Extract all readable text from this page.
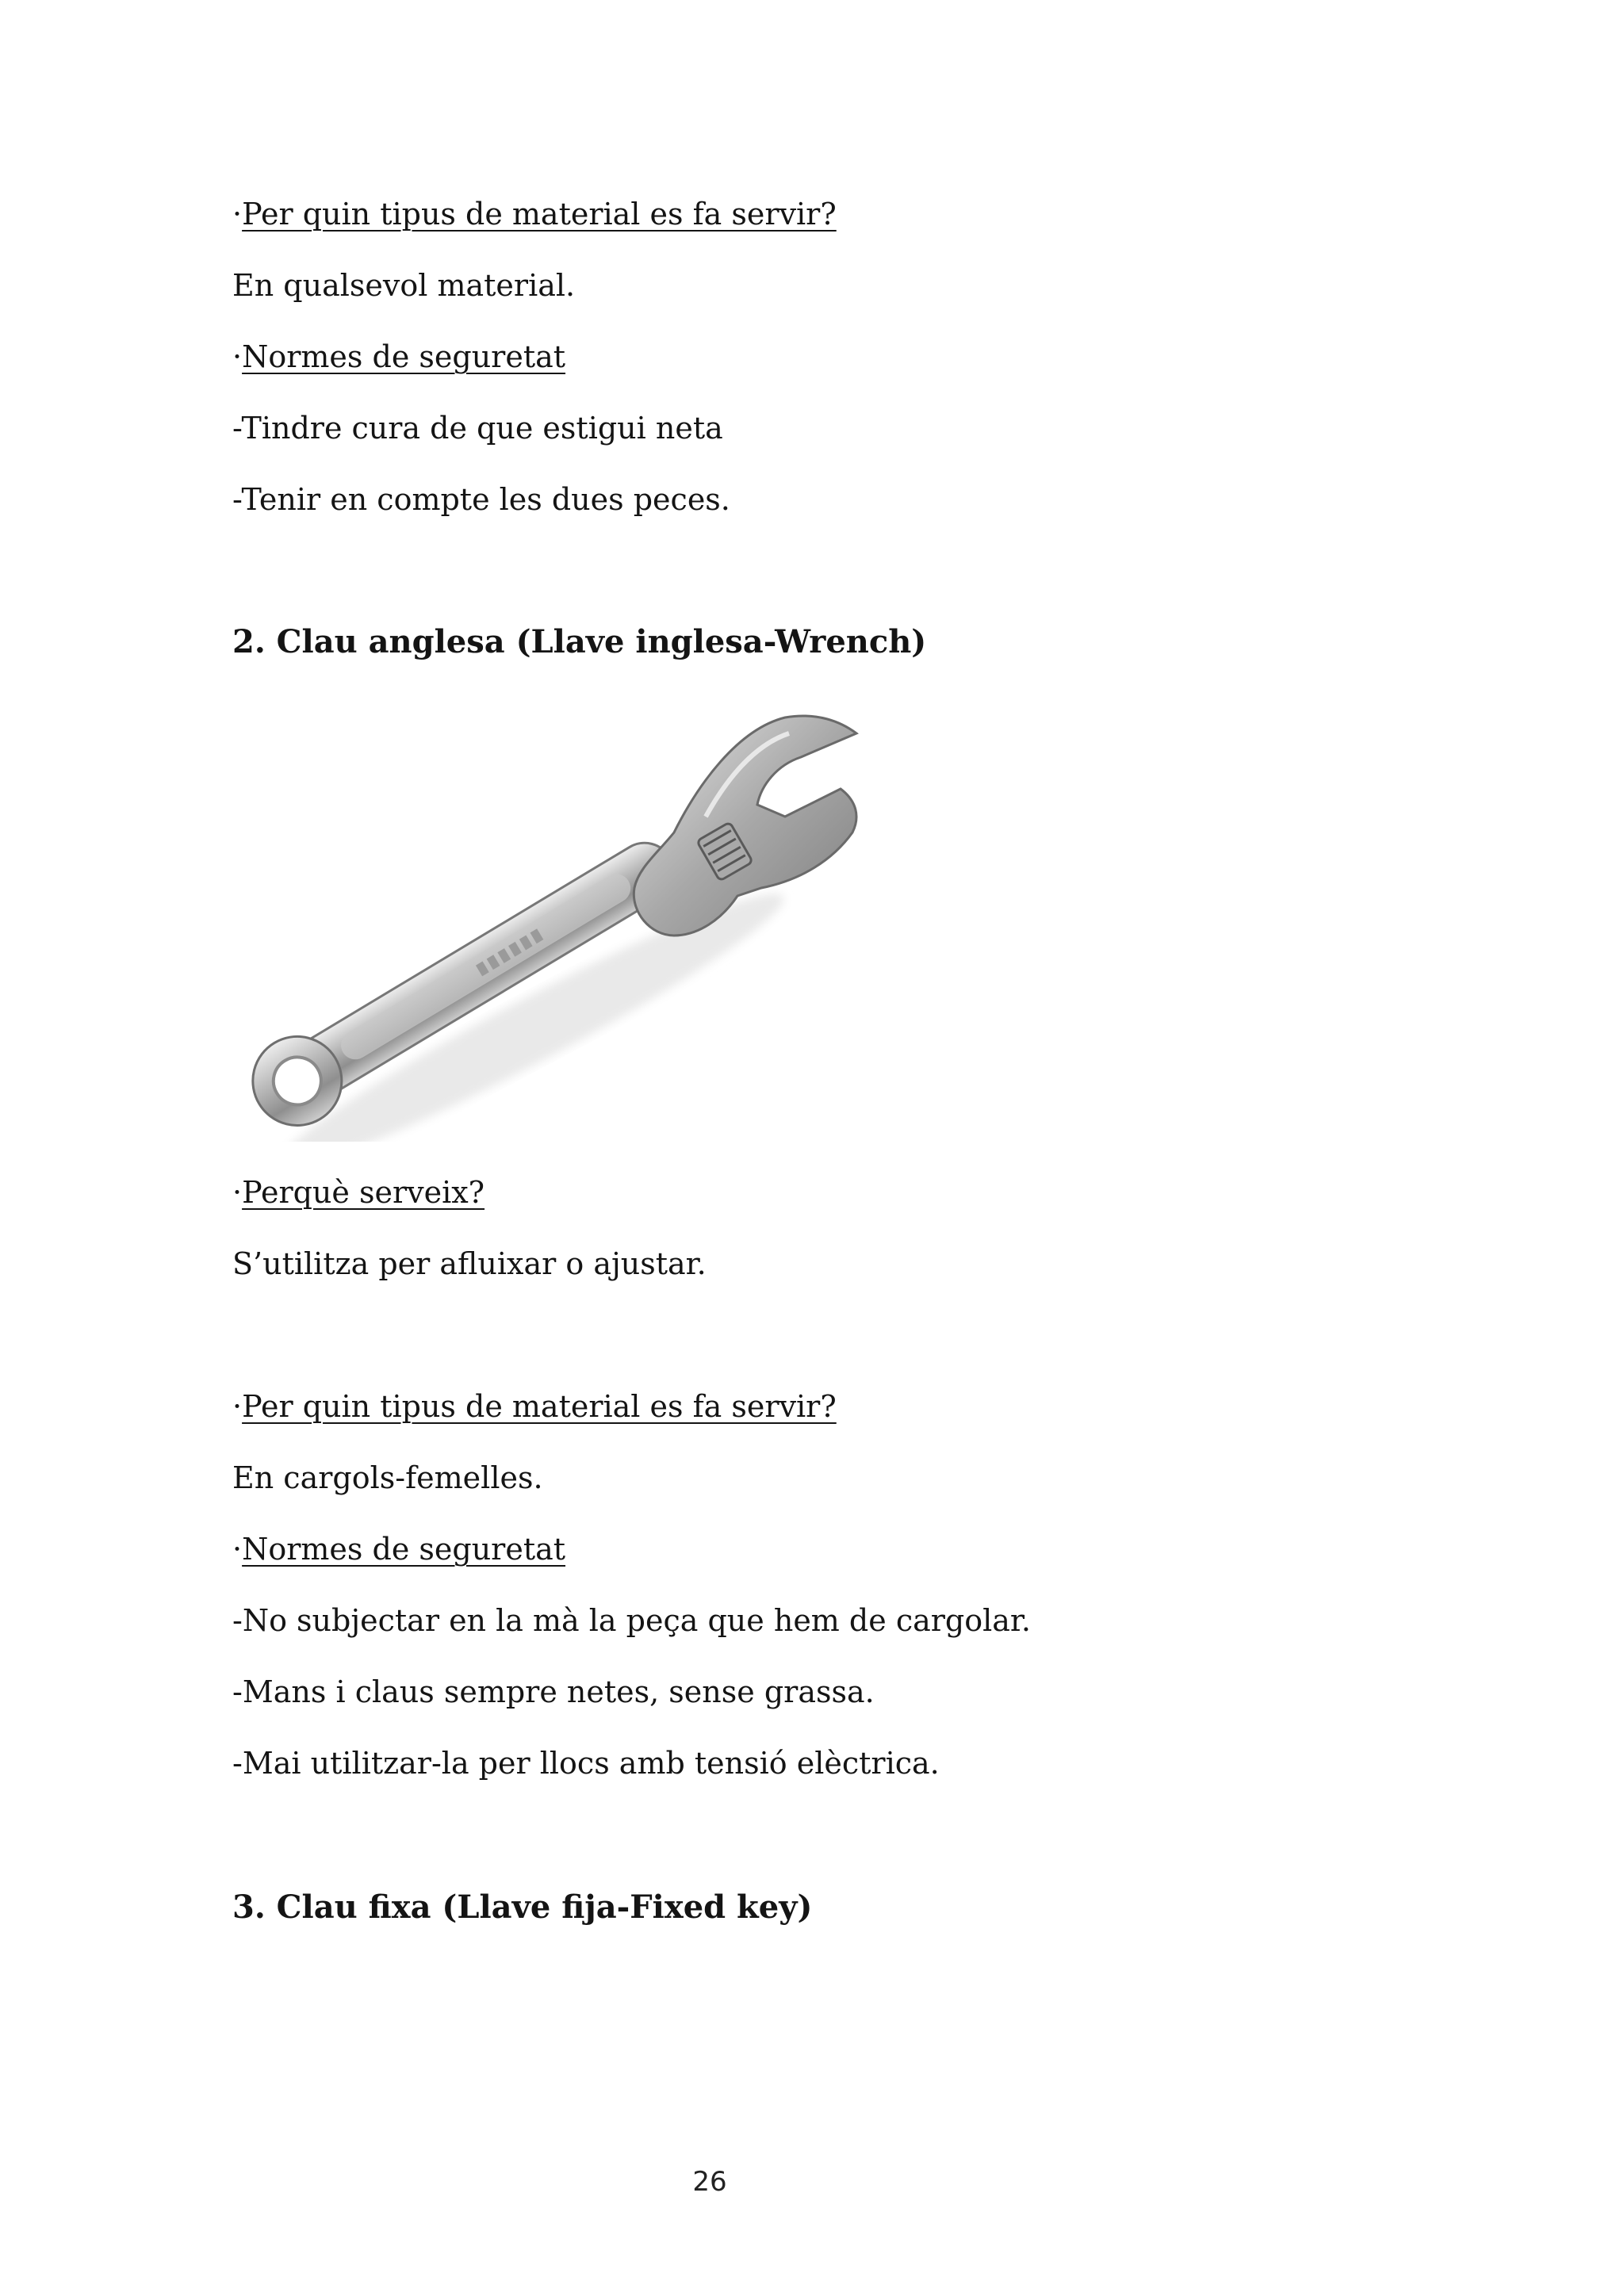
·Per quin tipus de material es fa servir?
En qualsevol material.
·Normes de seguretat
-Tindre cura de que estigui neta
-Tenir en compte les dues peces.
2. Clau anglesa (Llave inglesa-Wrench)
·Perquè serveix?
S’utilitza per afluixar o ajustar.
·Per quin tipus de material es fa servir?
En cargols-femelles.
·Normes de seguretat
-No subjectar en la mà la peça que hem de cargolar.
-Mans i claus sempre netes, sense grassa.
-Mai utilitzar-la per llocs amb tensió elèctrica.
3. Clau fixa (Llave fija-Fixed key)
26
